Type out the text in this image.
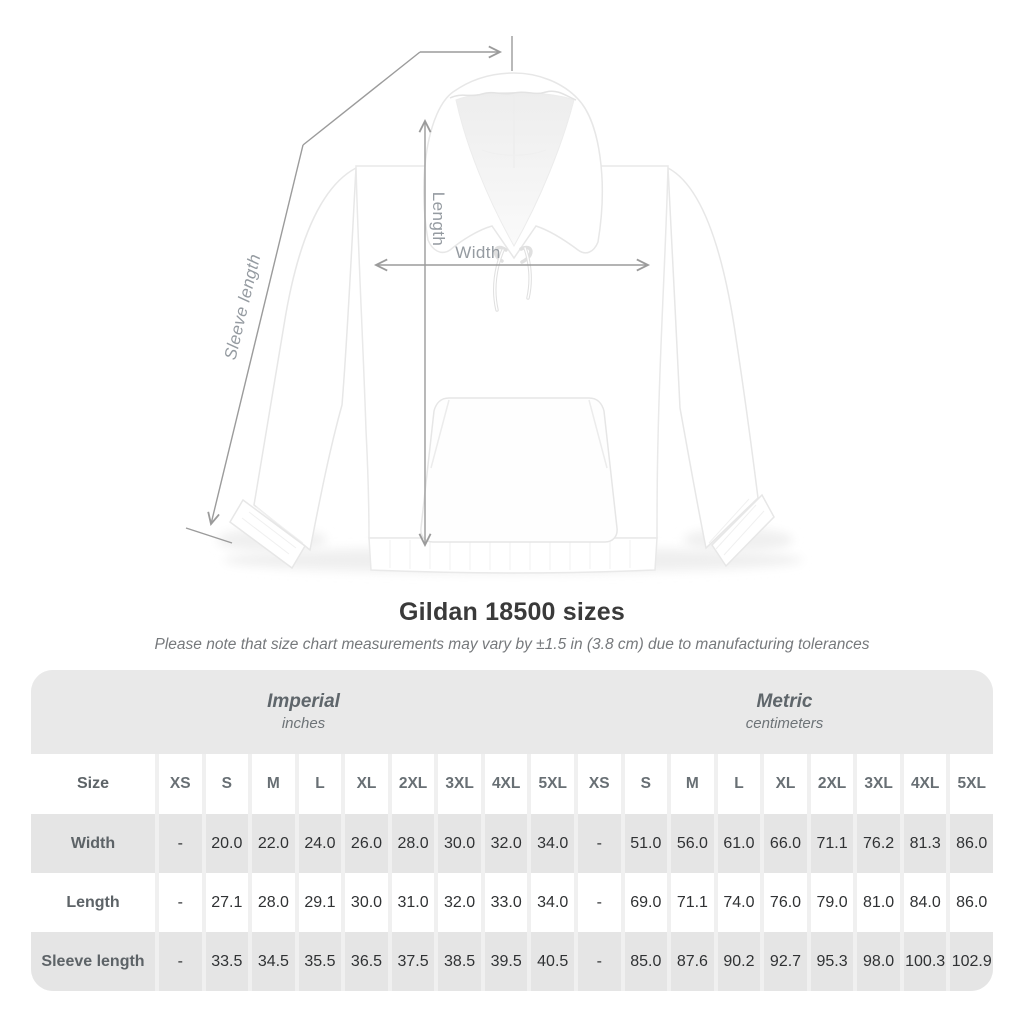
Sleeve length
Length
Width
Gildan 18500 sizes
Please note that size chart measurements may vary by ±1.5 in (3.8 cm) due to manufacturing tolerances
Imperial
inches
Metric
centimeters
Size	XS	S	M	L	XL	2XL	3XL	4XL	5XL	XS	S	M	L	XL	2XL	3XL	4XL	5XL
Width	-	20.0 22.0 24.0 26.0 28.0 30.0 32.0 34.0	-	51.0 56.0 61.0 66.0 71.1 76.2 81.3 86.0
Length	-	27.1 28.0 29.1 30.0 31.0 32.0 33.0 34.0	-	69.0 71.1 74.0 76.0 79.0 81.0 84.0 86.0
Sleeve length	-	33.5 34.5 35.5 36.5 37.5 38.5 39.5 40.5	-	85.0 87.6 90.2 92.7 95.3 98.0 100.3 102.9
